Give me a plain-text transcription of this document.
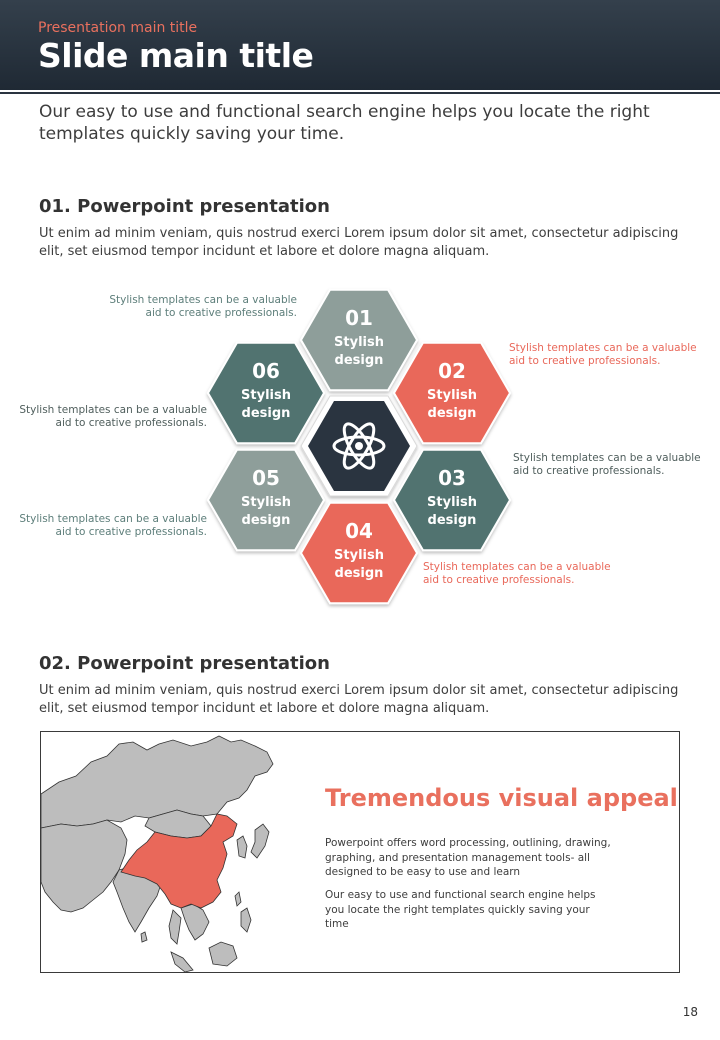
Presentation main title
Slide main title
Our easy to use and functional search engine helps you locate the right templates quickly saving your time.
01. Powerpoint presentation
Ut enim ad minim veniam, quis nostrud exerci Lorem ipsum dolor sit amet, consectetur adipiscing elit, set eiusmod tempor incidunt et labore et dolore magna aliquam.
01
Stylish
design	02
Stylish
design
03
Stylish
design
04
Stylish
design
05
Stylish
design
06
Stylish
design
Stylish templates can be a valuable aid to creative professionals.
Stylish templates can be a valuable aid to creative professionals.
Stylish templates can be a valuable aid to creative professionals.
Stylish templates can be a valuable aid to creative professionals.
Stylish templates can be a valuable aid to creative professionals.
Stylish templates can be a valuable aid to creative professionals.
02. Powerpoint presentation
Ut enim ad minim veniam, quis nostrud exerci Lorem ipsum dolor sit amet, consectetur adipiscing elit, set eiusmod tempor incidunt et labore et dolore magna aliquam.
Tremendous visual appeal
Powerpoint offers word processing, outlining, drawing, graphing, and presentation management tools- all designed to be easy to use and learn
Our easy to use and functional search engine helps you locate the right templates quickly saving your time
18
